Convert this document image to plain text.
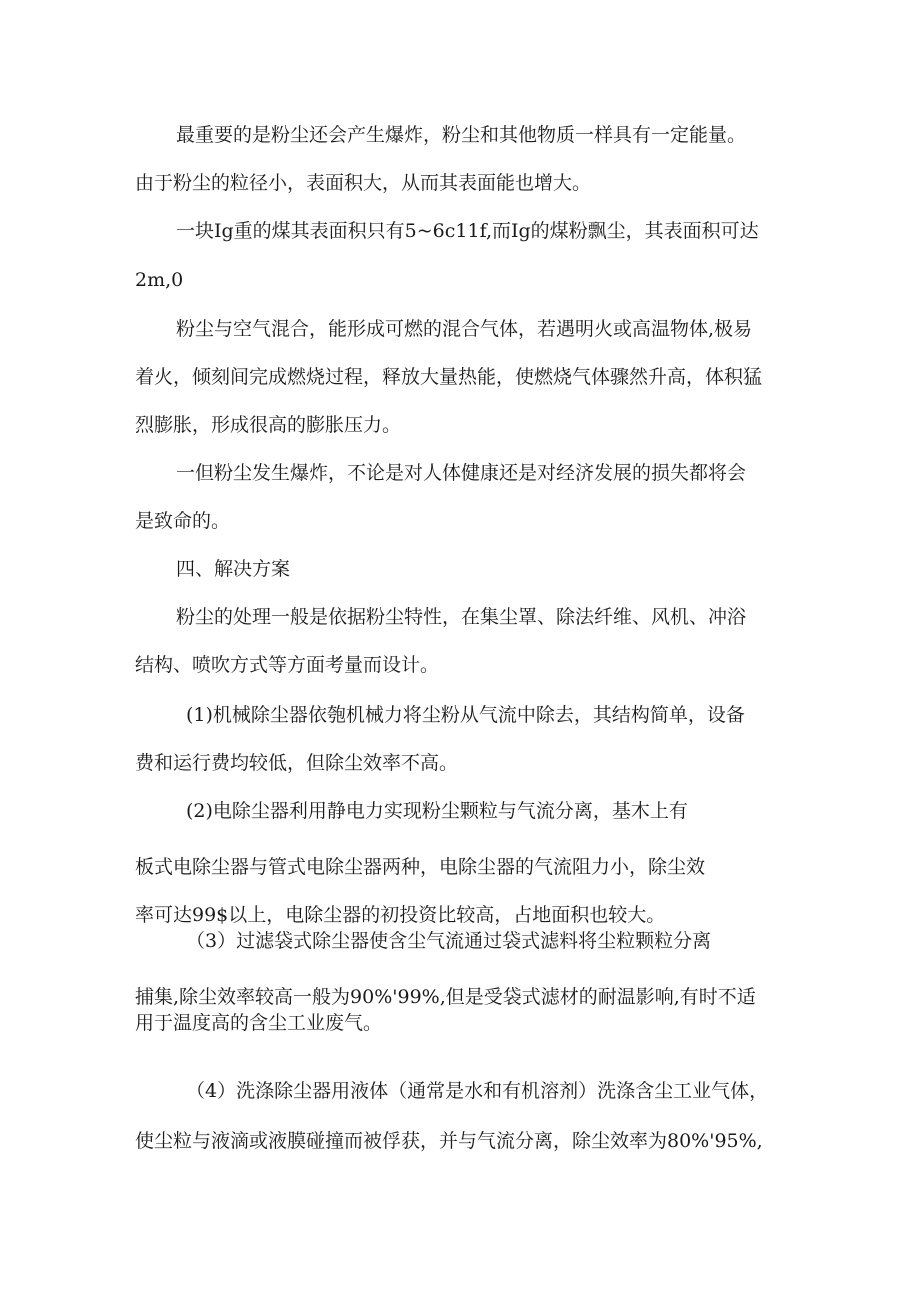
最重要的是粉尘还会产生爆炸，粉尘和其他物质一样具有一定能量。
由于粉尘的粒径小，表面积大，从而其表面能也增大。
一块Ig重的煤其表面积只有5~6c11f,而Ig的煤粉飘尘，其表面积可达
2m,0
粉尘与空气混合，能形成可燃的混合气体，若遇明火或高温物体,极易
着火，倾刻间完成燃烧过程，释放大量热能，使燃烧气体骤然升高，体积猛
烈膨胀，形成很高的膨胀压力。
一但粉尘发生爆炸，不论是对人体健康还是对经济发展的损失都将会
是致命的。
四、解决方案
粉尘的处理一般是依据粉尘特性，在集尘罩、除法纤维、风机、冲浴
结构、喷吹方式等方面考量而设计。
(1)机械除尘器依匏机械力将尘粉从气流中除去，其结构简单，设备
费和运行费均较低，但除尘效率不高。
(2)电除尘器利用静电力实现粉尘颗粒与气流分离，基木上有
板式电除尘器与管式电除尘器两种，电除尘器的气流阻力小，除尘效
率可达99$以上，电除尘器的初投资比较高，占地面积也较大。
（3）过滤袋式除尘器使含尘气流通过袋式滤料将尘粒颗粒分离
捕集,除尘效率较高一般为90%'99%,但是受袋式滤材的耐温影响,有时不适
用于温度高的含尘工业废气。
（4）洗涤除尘器用液体（通常是水和有机溶剂）洗涤含尘工业气体，
使尘粒与液滴或液膜碰撞而被俘获，并与气流分离，除尘效率为80%'95%,
